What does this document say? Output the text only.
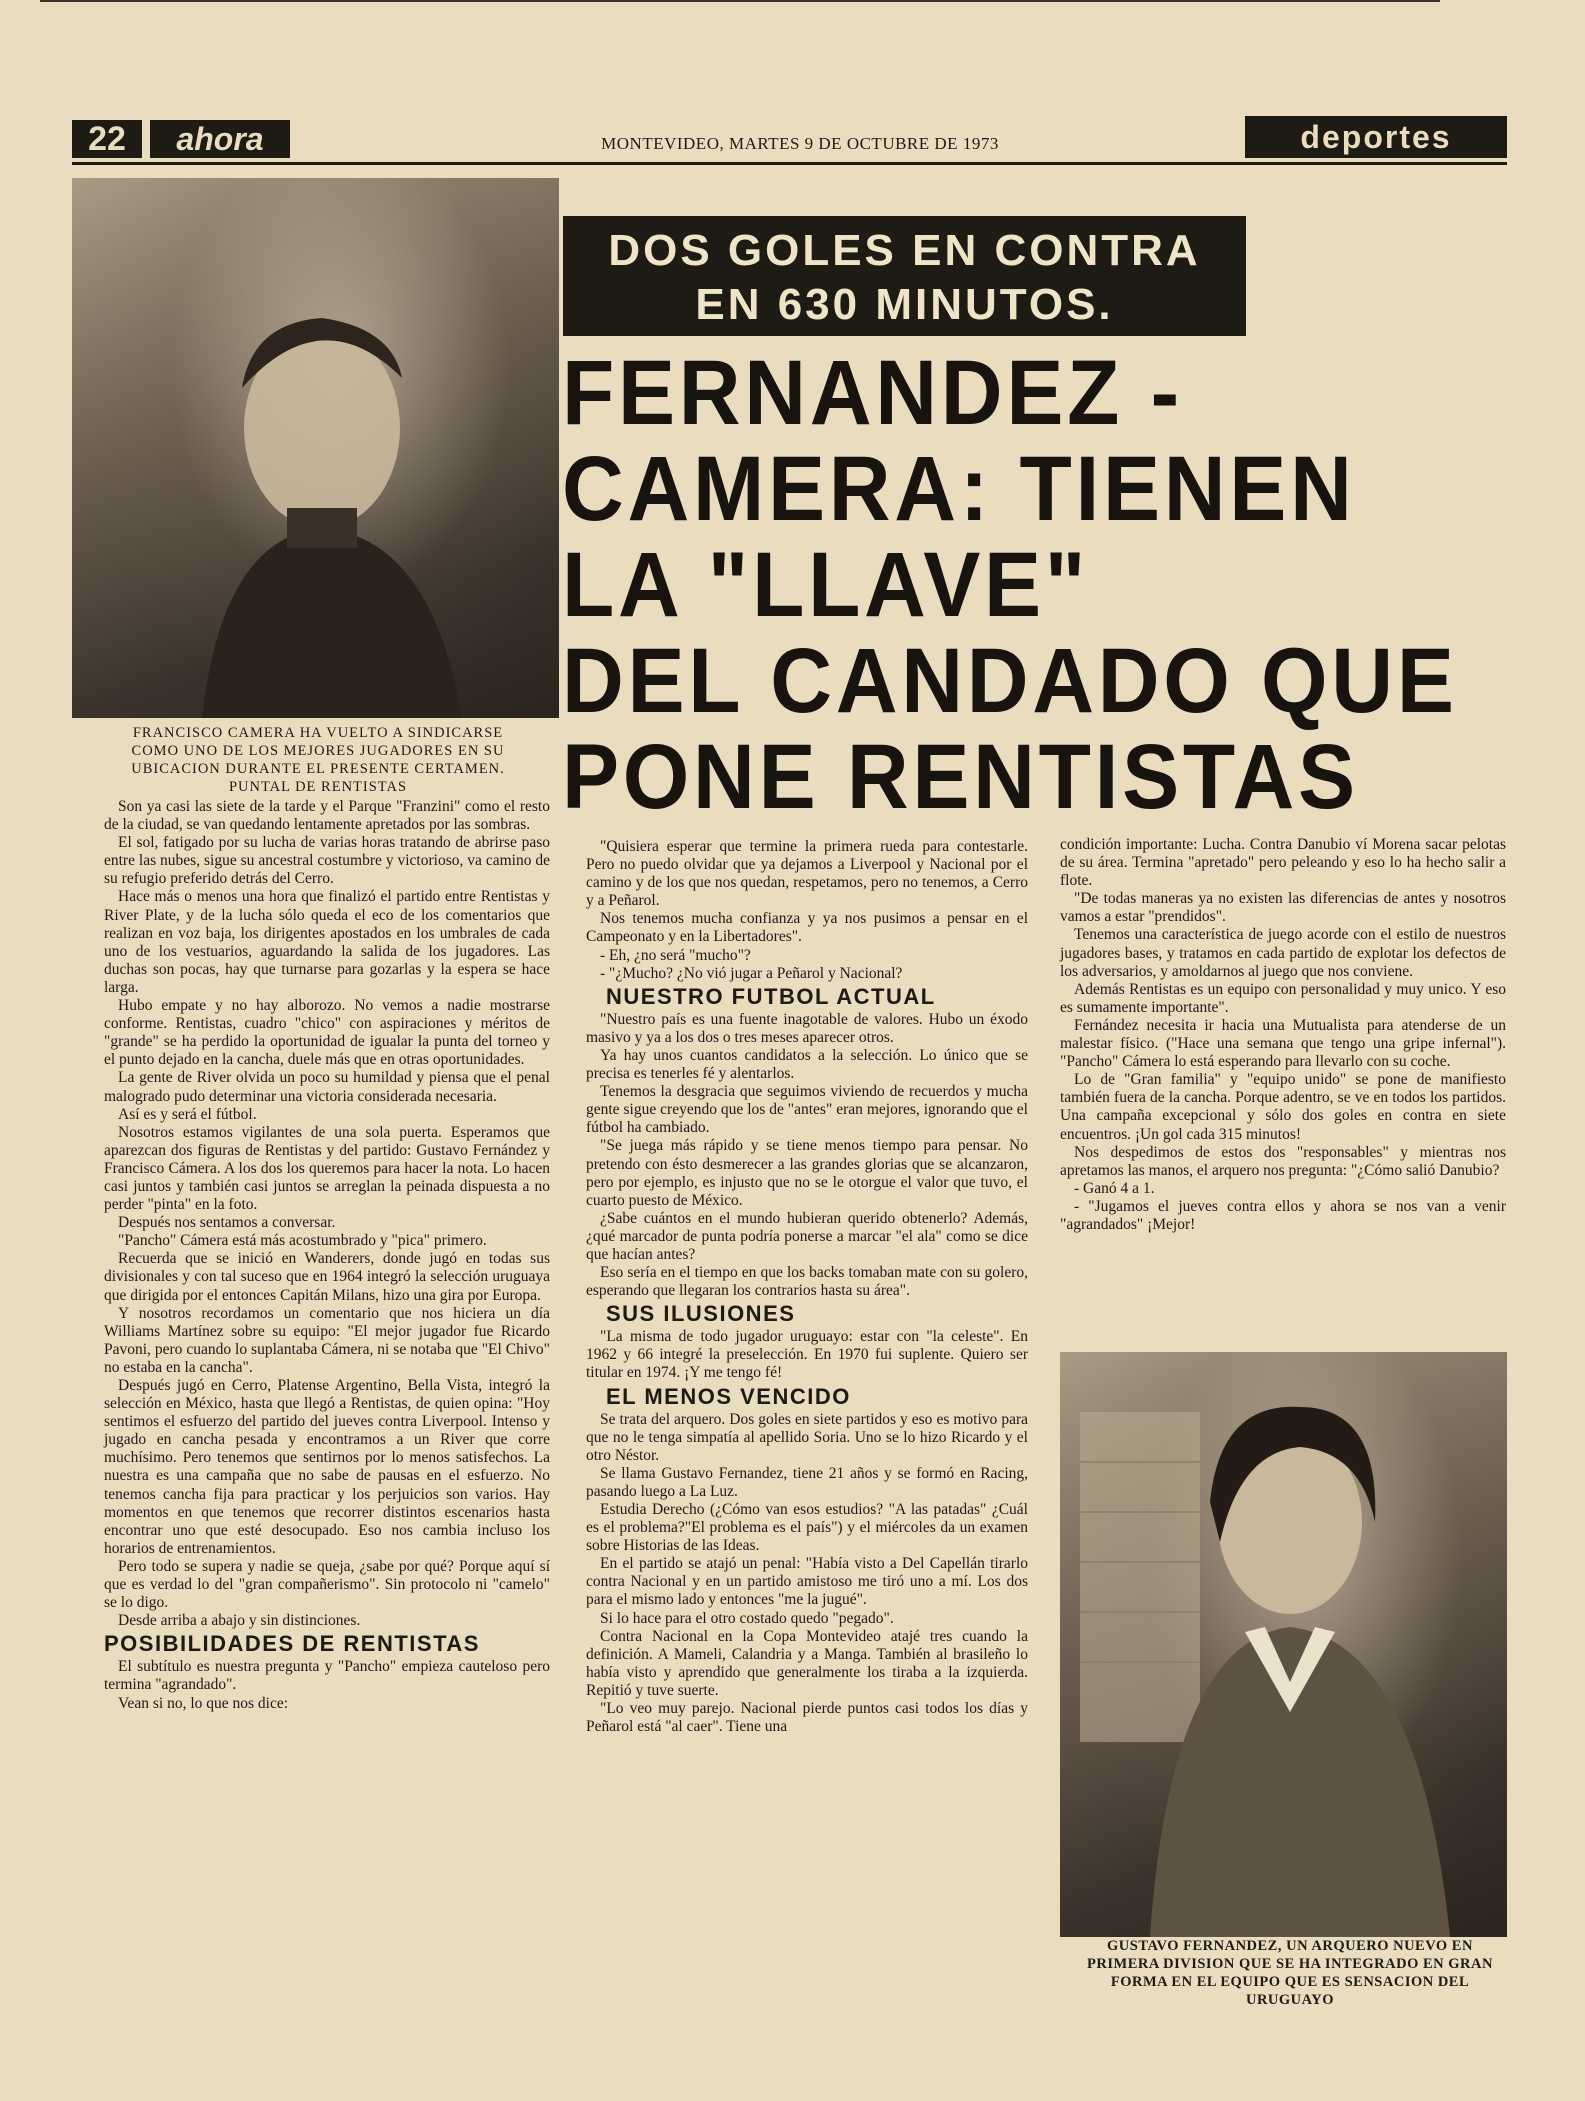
22	ahora	MONTEVIDEO, MARTES 9 DE OCTUBRE DE 1973	deportes
DOS GOLES EN CONTRA
EN 630 MINUTOS.
FERNANDEZ -
CAMERA: TIENEN
LA "LLAVE"
DEL CANDADO QUE
PONE RENTISTAS
FRANCISCO CAMERA HA VUELTO A SINDICARSE
COMO UNO DE LOS MEJORES JUGADORES EN SU
UBICACION DURANTE EL PRESENTE CERTAMEN.
PUNTAL DE RENTISTAS
GUSTAVO FERNANDEZ, UN ARQUERO NUEVO EN
PRIMERA DIVISION QUE SE HA INTEGRADO EN GRAN
FORMA EN EL EQUIPO QUE ES SENSACION DEL
URUGUAYO

Son ya casi las siete de la tarde y el Parque "Franzini" como el resto de la ciudad, se van quedando lentamente apretados por las sombras.

El sol, fatigado por su lucha de varias horas tratando de abrirse paso entre las nubes, sigue su ancestral costumbre y victorioso, va camino de su refugio preferido detrás del Cerro.

Hace más o menos una hora que finalizó el partido entre Rentistas y River Plate, y de la lucha sólo queda el eco de los comentarios que realizan en voz baja, los dirigentes apostados en los umbrales de cada uno de los vestuarios, aguardando la salida de los jugadores. Las duchas son pocas, hay que turnarse para gozarlas y la espera se hace larga.

Hubo empate y no hay alborozo. No vemos a nadie mostrarse conforme. Rentistas, cuadro "chico" con aspiraciones y méritos de "grande" se ha perdido la oportunidad de igualar la punta del torneo y el punto dejado en la cancha, duele más que en otras oportunidades.

La gente de River olvida un poco su humildad y piensa que el penal malogrado pudo determinar una victoria considerada necesaria.

Así es y será el fútbol.

Nosotros estamos vigilantes de una sola puerta. Esperamos que aparezcan dos figuras de Rentistas y del partido: Gustavo Fernández y Francisco Cámera. A los dos los queremos para hacer la nota. Lo hacen casi juntos y también casi juntos se arreglan la peinada dispuesta a no perder "pinta" en la foto.

Después nos sentamos a conversar.

"Pancho" Cámera está más acostumbrado y "pica" primero.

Recuerda que se inició en Wanderers, donde jugó en todas sus divisionales y con tal suceso que en 1964 integró la selección uruguaya que dirigida por el entonces Capitán Milans, hizo una gira por Europa.

Y nosotros recordamos un comentario que nos hiciera un día Williams Martínez sobre su equipo: "El mejor jugador fue Ricardo Pavoni, pero cuando lo suplantaba Cámera, ni se notaba que "El Chivo" no estaba en la cancha".

Después jugó en Cerro, Platense Argentino, Bella Vista, integró la selección en México, hasta que llegó a Rentistas, de quien opina: "Hoy sentimos el esfuerzo del partido del jueves contra Liverpool. Intenso y jugado en cancha pesada y encontramos a un River que corre muchísimo. Pero tenemos que sentirnos por lo menos satisfechos. La nuestra es una campaña que no sabe de pausas en el esfuerzo. No tenemos cancha fija para practicar y los perjuicios son varios. Hay momentos en que tenemos que recorrer distintos escenarios hasta encontrar uno que esté desocupado. Eso nos cambia incluso los horarios de entrenamientos.

Pero todo se supera y nadie se queja, ¿sabe por qué? Porque aquí sí que es verdad lo del "gran compañerismo". Sin protocolo ni "camelo" se lo digo.

Desde arriba a abajo y sin distinciones.

POSIBILIDADES DE RENTISTAS

El subtítulo es nuestra pregunta y "Pancho" empieza cauteloso pero termina "agrandado".

Vean si no, lo que nos dice:

"Quisiera esperar que termine la primera rueda para contestarle. Pero no puedo olvidar que ya dejamos a Liverpool y Nacional por el camino y de los que nos quedan, respetamos, pero no tenemos, a Cerro y a Peñarol.

Nos tenemos mucha confianza y ya nos pusimos a pensar en el Campeonato y en la Libertadores".

- Eh, ¿no será "mucho"?

- "¿Mucho? ¿No vió jugar a Peñarol y Nacional?

NUESTRO FUTBOL ACTUAL

"Nuestro país es una fuente inagotable de valores. Hubo un éxodo masivo y ya a los dos o tres meses aparecer otros.

Ya hay unos cuantos candidatos a la selección. Lo único que se precisa es tenerles fé y alentarlos.

Tenemos la desgracia que seguimos viviendo de recuerdos y mucha gente sigue creyendo que los de "antes" eran mejores, ignorando que el fútbol ha cambiado.

"Se juega más rápido y se tiene menos tiempo para pensar. No pretendo con ésto desmerecer a las grandes glorias que se alcanzaron, pero por ejemplo, es injusto que no se le otorgue el valor que tuvo, el cuarto puesto de México.

¿Sabe cuántos en el mundo hubieran querido obtenerlo? Además, ¿qué marcador de punta podría ponerse a marcar "el ala" como se dice que hacían antes?

Eso sería en el tiempo en que los backs tomaban mate con su golero, esperando que llegaran los contrarios hasta su área".

SUS ILUSIONES

"La misma de todo jugador uruguayo: estar con "la celeste". En 1962 y 66 integré la preselección. En 1970 fui suplente. Quiero ser titular en 1974. ¡Y me tengo fé!

EL MENOS VENCIDO

Se trata del arquero. Dos goles en siete partidos y eso es motivo para que no le tenga simpatía al apellido Soria. Uno se lo hizo Ricardo y el otro Néstor.

Se llama Gustavo Fernandez, tiene 21 años y se formó en Racing, pasando luego a La Luz.

Estudia Derecho (¿Cómo van esos estudios? "A las patadas" ¿Cuál es el problema?"El problema es el país") y el miércoles da un examen sobre Historias de las Ideas.

En el partido se atajó un penal: "Había visto a Del Capellán tirarlo contra Nacional y en un partido amistoso me tiró uno a mí. Los dos para el mismo lado y entonces "me la jugué".

Si lo hace para el otro costado quedo "pegado".

Contra Nacional en la Copa Montevideo atajé tres cuando la definición. A Mameli, Calandria y a Manga. También al brasileño lo había visto y aprendido que generalmente los tiraba a la izquierda. Repitió y tuve suerte.

"Lo veo muy parejo. Nacional pierde puntos casi todos los días y Peñarol está "al caer". Tiene una

condición importante: Lucha. Contra Danubio ví Morena sacar pelotas de su área. Termina "apretado" pero peleando y eso lo ha hecho salir a flote.

"De todas maneras ya no existen las diferencias de antes y nosotros vamos a estar "prendidos".

Tenemos una característica de juego acorde con el estilo de nuestros jugadores bases, y tratamos en cada partido de explotar los defectos de los adversarios, y amoldarnos al juego que nos conviene.

Además Rentistas es un equipo con personalidad y muy unico. Y eso es sumamente importante".

Fernández necesita ir hacia una Mutualista para atenderse de un malestar físico. ("Hace una semana que tengo una gripe infernal"). "Pancho" Cámera lo está esperando para llevarlo con su coche.

Lo de "Gran familia" y "equipo unido" se pone de manifiesto también fuera de la cancha. Porque adentro, se ve en todos los partidos. Una campaña excepcional y sólo dos goles en contra en siete encuentros. ¡Un gol cada 315 minutos!

Nos despedimos de estos dos "responsables" y mientras nos apretamos las manos, el arquero nos pregunta: "¿Cómo salió Danubio?

- Ganó 4 a 1.

- "Jugamos el jueves contra ellos y ahora se nos van a venir "agrandados" ¡Mejor!
